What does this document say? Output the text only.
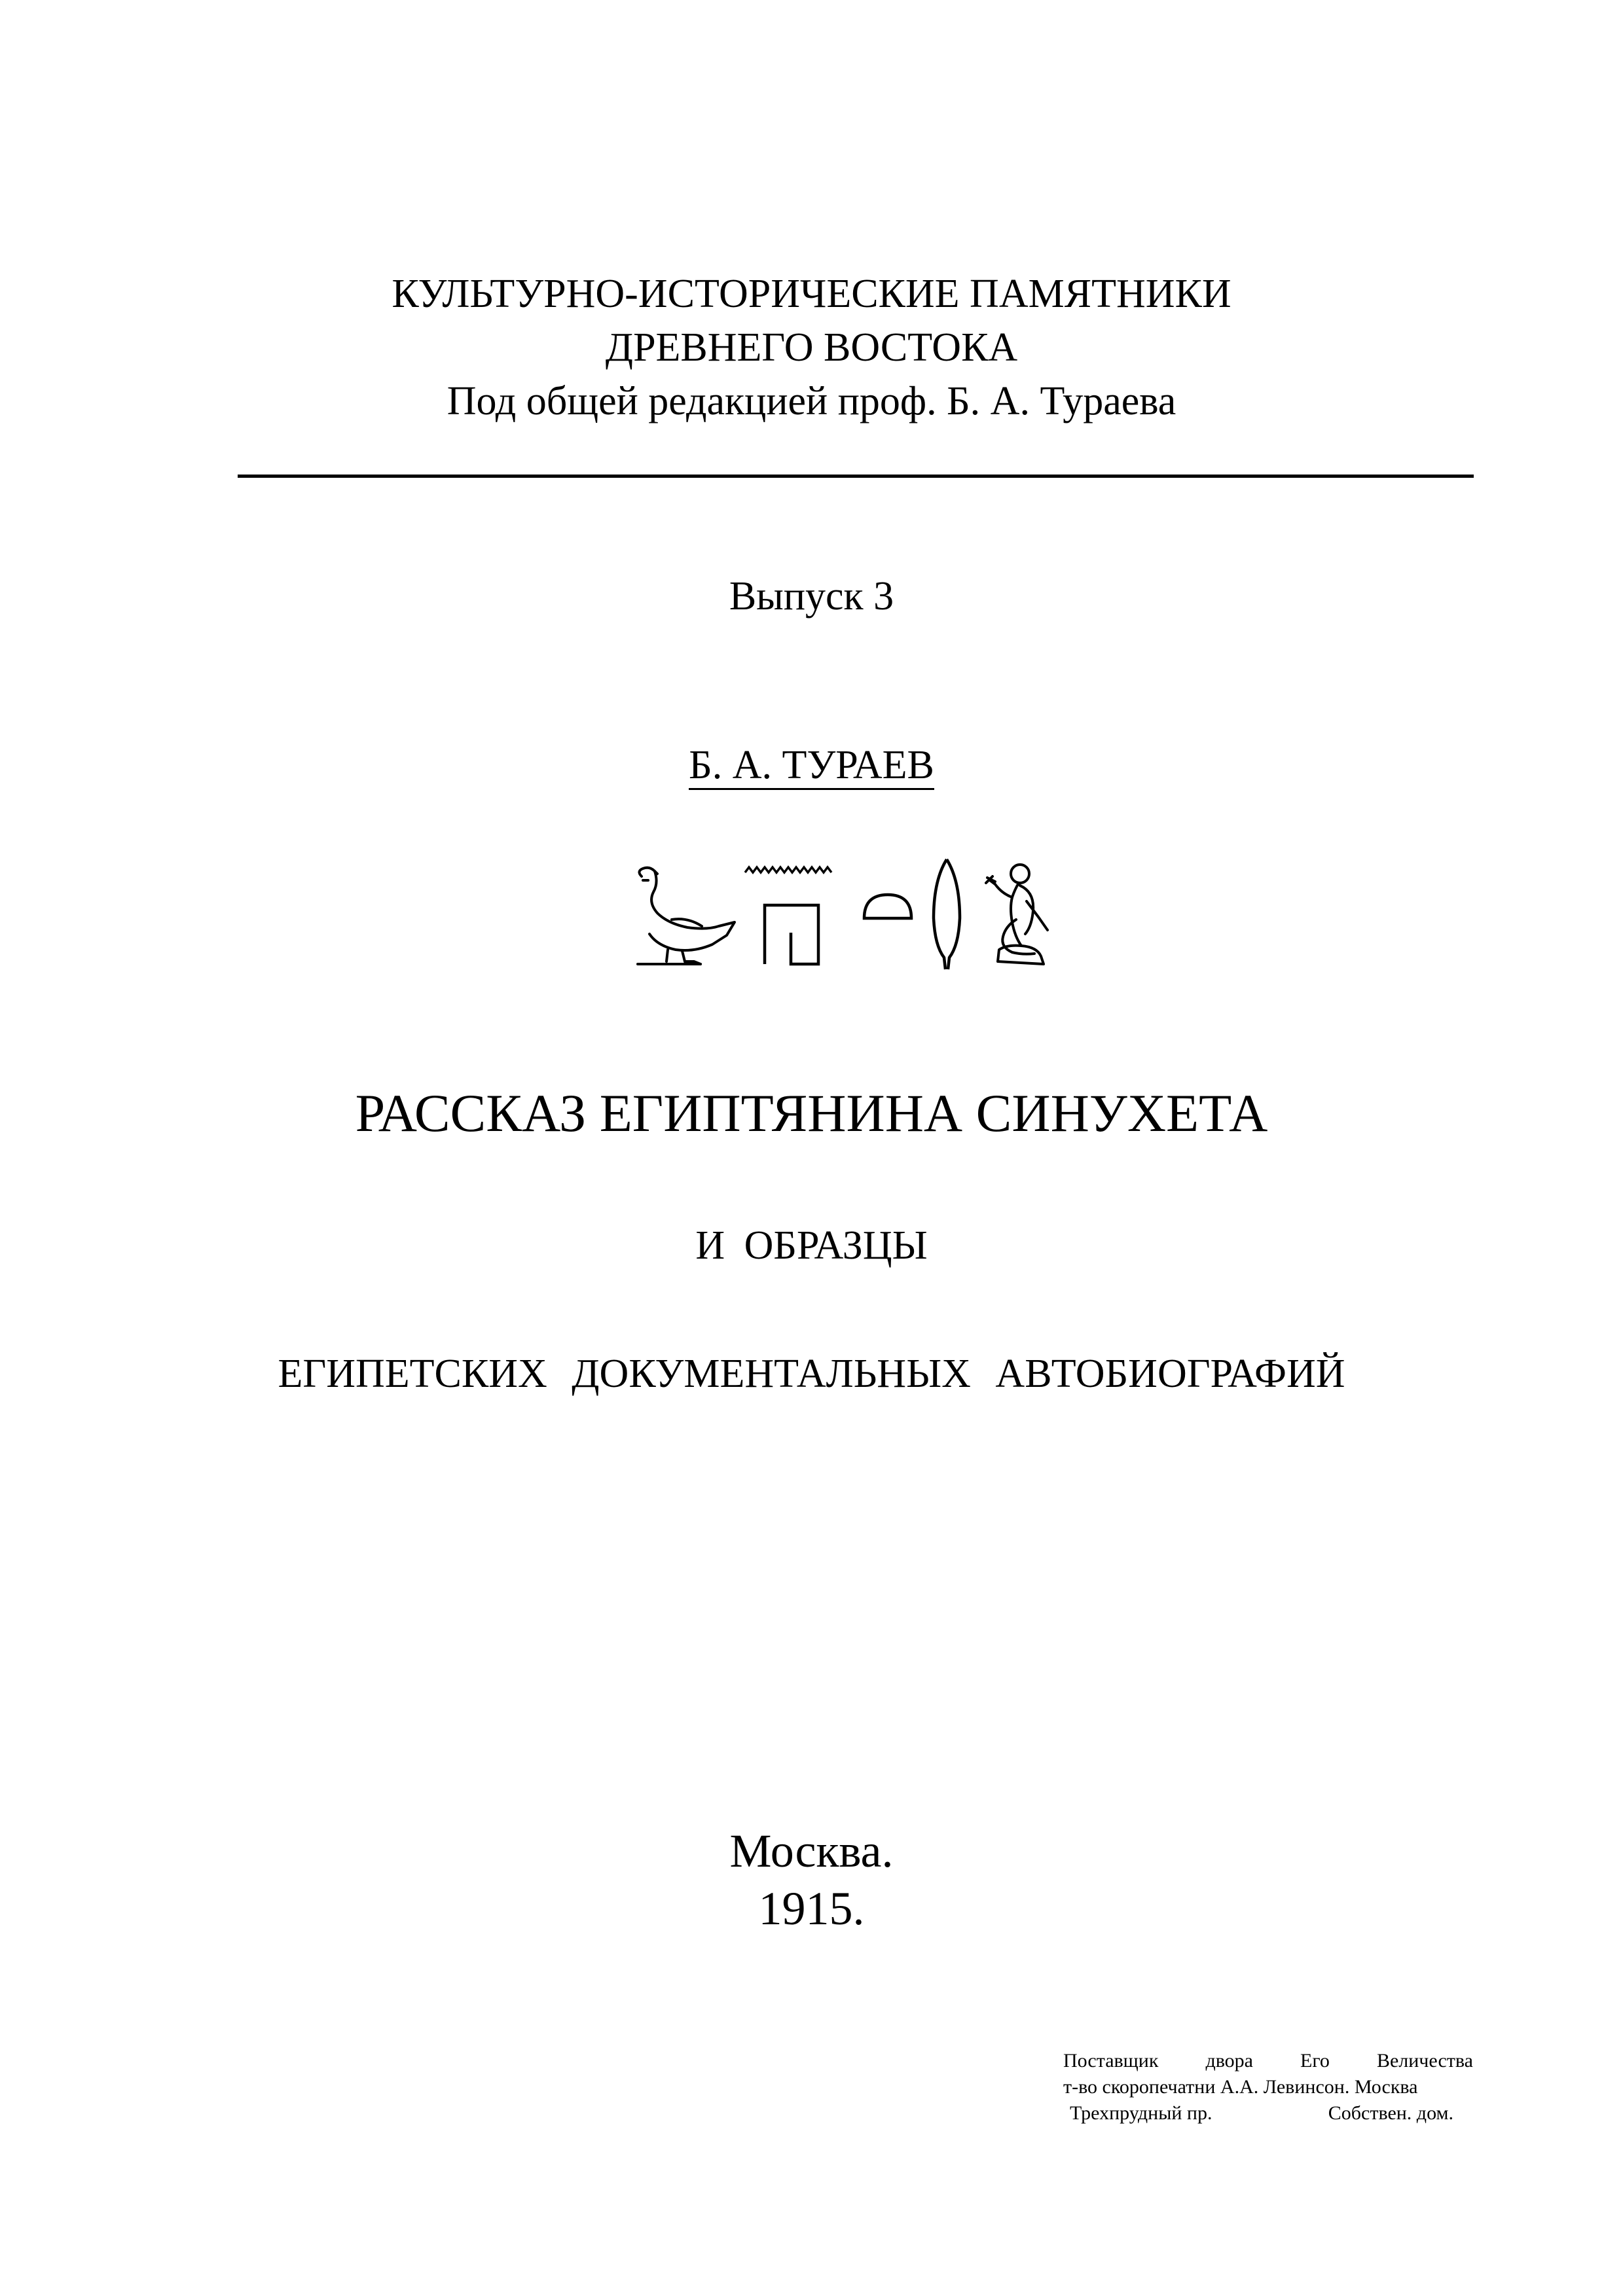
КУЛЬТУРНО-ИСТОРИЧЕСКИЕ ПАМЯТНИКИ
ДРЕВНЕГО ВОСТОКА
Под общей редакцией проф. Б. А. Тураева
Выпуск 3
Б. А. ТУРАЕВ
РАССКАЗ ЕГИПТЯНИНА СИНУХЕТА
И ОБРАЗЦЫ
ЕГИПЕТСКИХ ДОКУМЕНТАЛЬНЫХ АВТОБИОГРАФИЙ
Москва.
1915.
Поставщик двора Его Величества
т-во скоропечатни А.А. Левинсон. Москва
Трехпрудный пр.	Собствен. дом.
